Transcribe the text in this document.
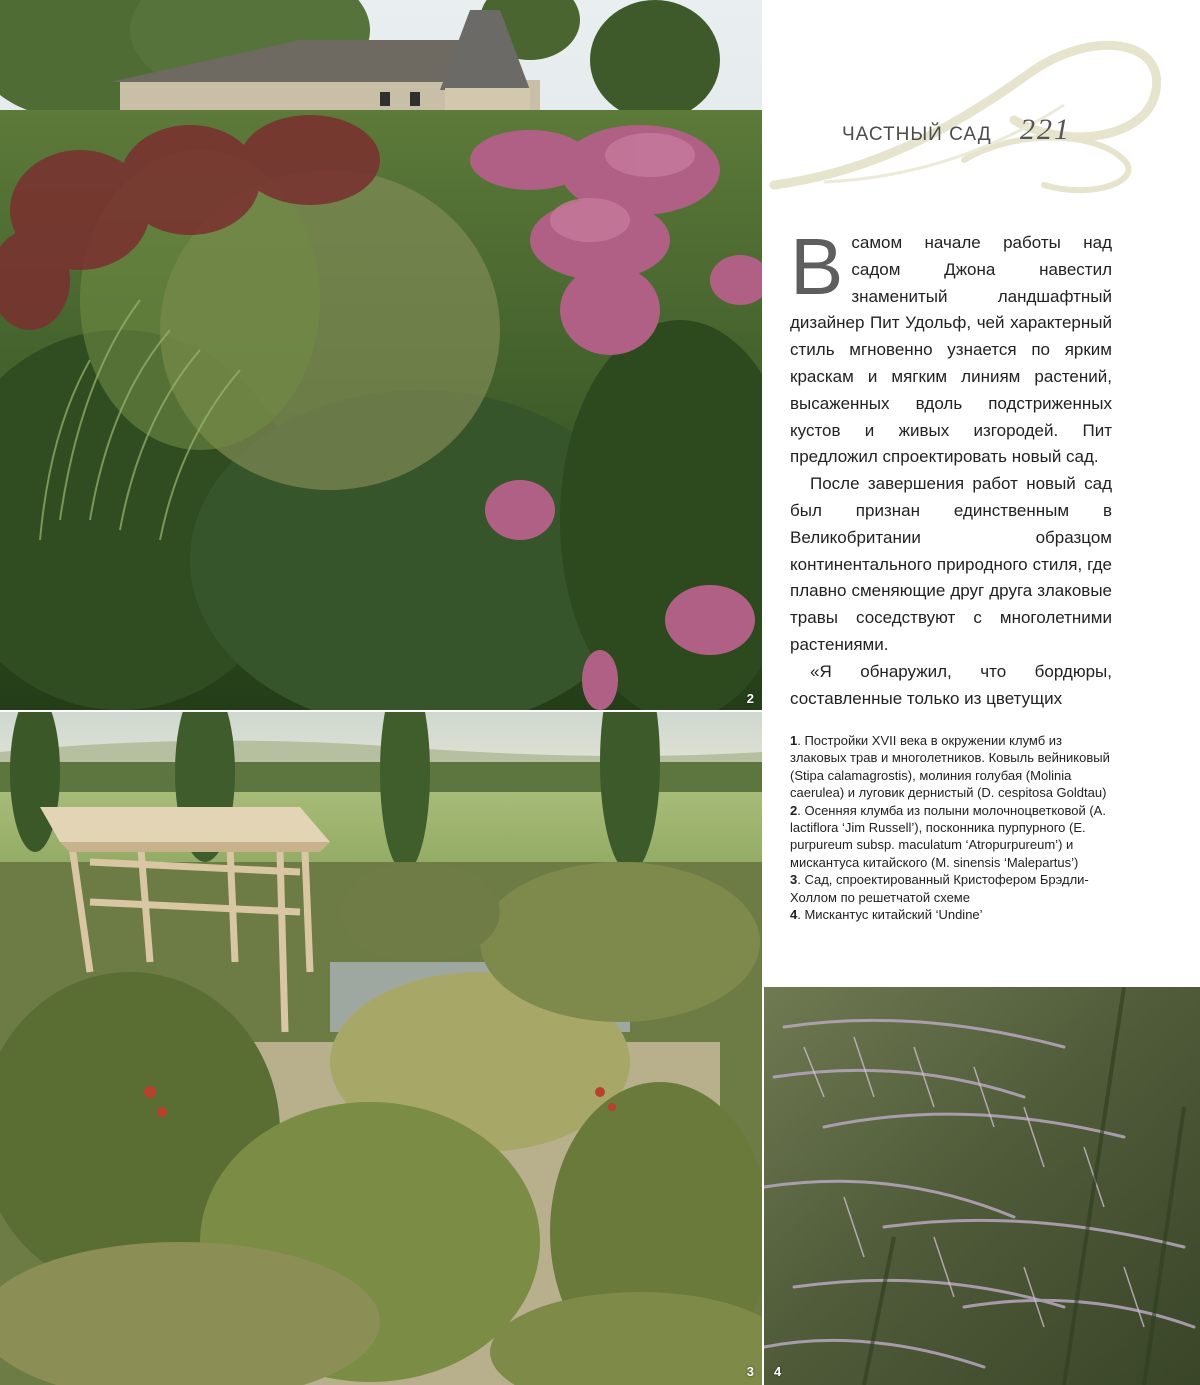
2
ЧАСТНЫЙ САД 221

Всамом начале работы над садом Джона навестил знаменитый ландшафтный дизайнер Пит Удольф, чей характерный стиль мгновенно узнается по ярким краскам и мягким линиям растений, высаженных вдоль подстриженных кустов и живых изгородей. Пит предложил спроектировать новый сад.

После завершения работ новый сад был признан единственным в Великобритании образцом континентального природного стиля, где плавно сменяющие друг друга злаковые травы соседствуют с многолетними растениями.

«Я обнаружил, что бордюры, составленные только из цветущих

1. Постройки XVII века в окружении клумб из злаковых трав и многолетников. Ковыль вейниковый (Stipa calamagrostis), молиния голубая (Molinia caerulea) и луговик дернистый (D. cespitosa Goldtau)
2. Осенняя клумба из полыни молочноцветковой (A. lactiflora ‘Jim Russell’), посконника пурпурного (E. purpureum subsp. maculatum ‘Atropurpureum’) и мискантуса китайского (M. sinensis ‘Malepartus’)
3. Сад, спроектированный Кристофером Брэдли-Холлом по решетчатой схеме
4. Мискантус китайский ‘Undine’
3 4
